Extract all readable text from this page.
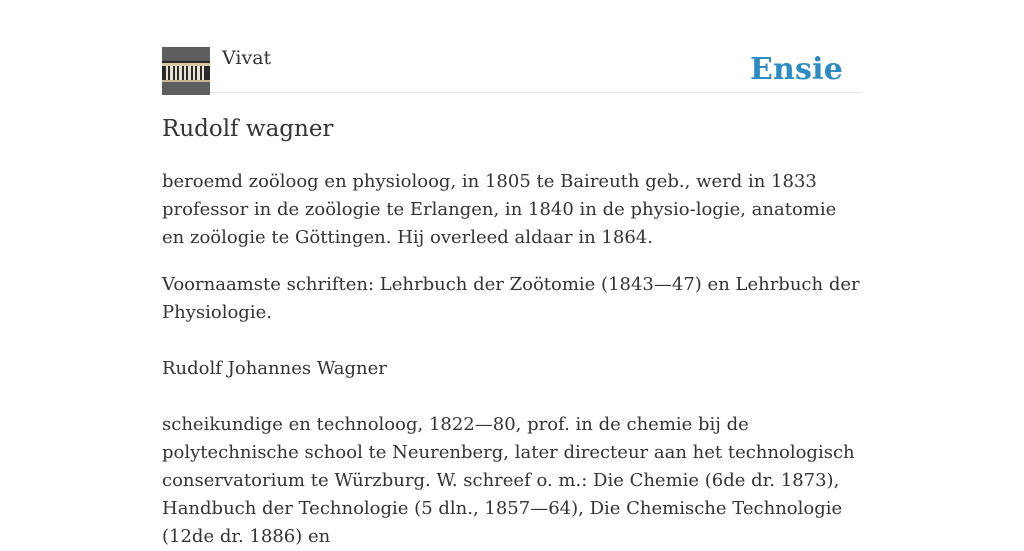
Vivat	Ensie
Rudolf wagner

beroemd zoöloog en physioloog, in 1805 te Baireuth geb., werd in 1833 professor in de zoölogie te Erlangen, in 1840 in de physio-logie, anatomie en zoölogie te Göttingen. Hij overleed aldaar in 1864.

Voornaamste schriften: Lehrbuch der Zoötomie (1843—47) en Lehrbuch der Physiologie.

Rudolf Johannes Wagner

scheikundige en technoloog, 1822—80, prof. in de chemie bij de polytechnische school te Neurenberg, later directeur aan het technologisch conservatorium te Würzburg. W. schreef o. m.: Die Chemie (6de dr. 1873), Handbuch der Technologie (5 dln., 1857—64), Die Chemische Technologie (12de dr. 1886) en
